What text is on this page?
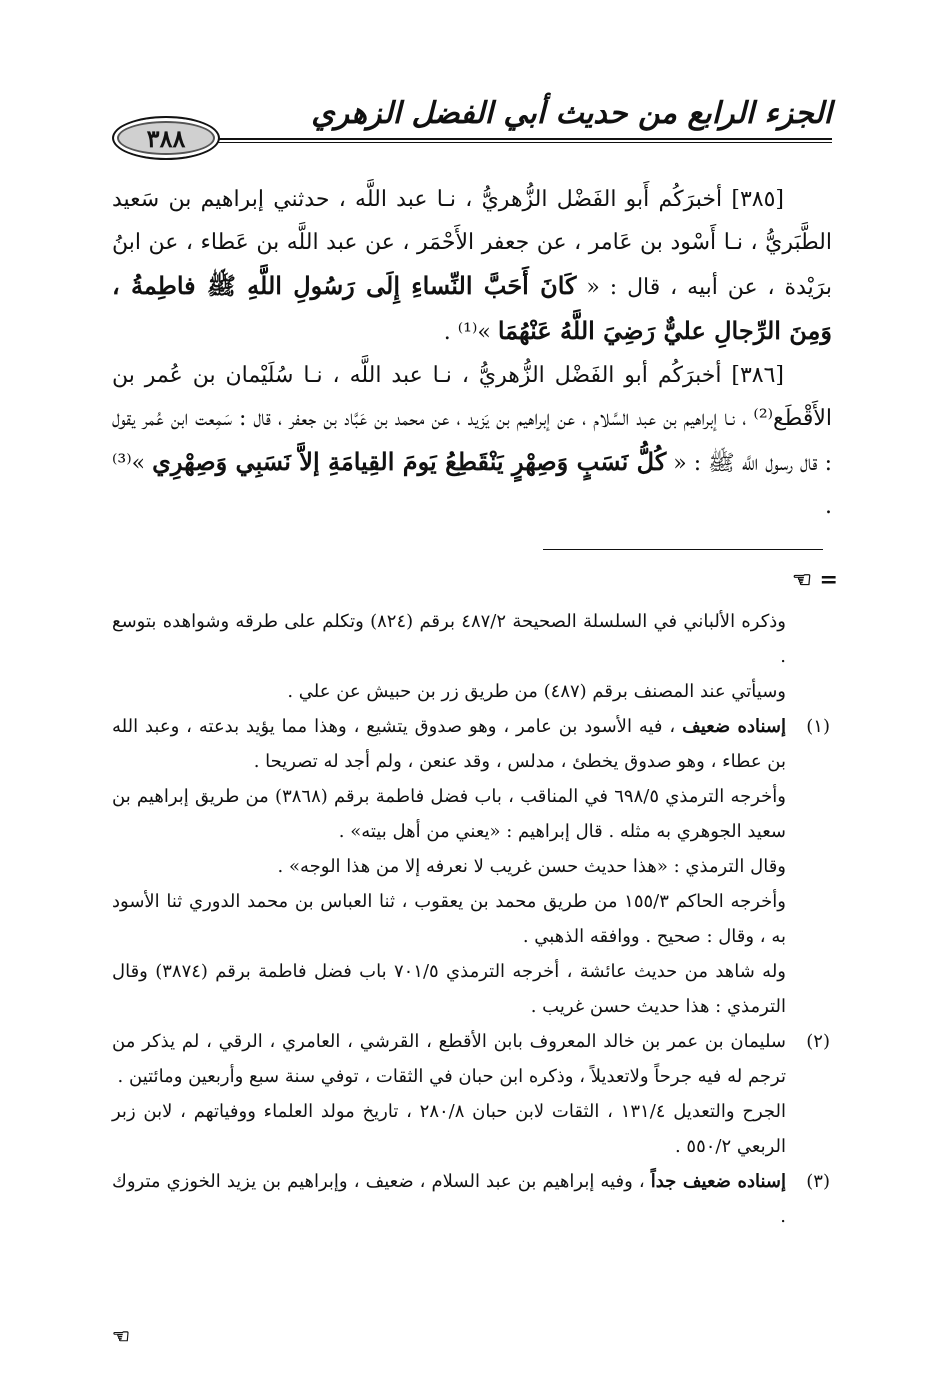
الجزء الرابع من حديث أبي الفضل الزهري
٣٨٨

[٣٨٥] أخبرَكُم أَبو الفَضْل الزُّهريُّ ، نـا عبد اللَّه ، حدثني إبراهيم بن سَعيد الطَّبَريُّ ، نـا أَسْود بن عَامر ، عن جعفر الأَحْمَر ، عن عبد اللَّه بن عَطاء ، عن ابنُ برَيْدة ، عن أبيه ، قال : « كَانَ أَحَبَّ النِّساءِ إِلَى رَسُولِ اللَّهِ ﷺ فاطِمةُ ، وَمِنَ الرِّجالِ عليٌّ رَضِيَ اللَّهُ عَنْهُمَا »⁽¹⁾ .

[٣٨٦] أخبرَكُم أبو الفَضْل الزُّهريُّ ، نـا عبد اللَّه ، نـا سُلَيْمان بن عُمر بن الأَقْطَع⁽²⁾ ، نـا إبراهيم بن عبد السَّلام ، عن إبراهيم بن يَزيد ، عن محمد بن عَبَّاد بن جعفر ، قال : سَمِعت ابن عُمر يقول : قال رسول اللَّه ﷺ : « كُلُّ نَسَبٍ وَصِهْرٍ يَنْقَطِعُ يَومَ القِيامَةِ إلاَّ نَسَبِي وَصِهْرِي »⁽³⁾ .

= ☜

وذكره الألباني في السلسلة الصحيحة ٤٨٧/٢ برقم (٨٢٤) وتكلم على طرقه وشواهده بتوسع .

وسيأتي عند المصنف برقم (٤٨٧) من طريق زر بن حبيش عن علي .

(١)

إسناده ضعيف ، فيه الأسود بن عامر ، وهو صدوق يتشيع ، وهذا مما يؤيد بدعته ، وعبد الله بن عطاء ، وهو صدوق يخطئ ، مدلس ، وقد عنعن ، ولم أجد له تصريحا .

وأخرجه الترمذي ٦٩٨/٥ في المناقب ، باب فضل فاطمة برقم (٣٨٦٨) من طريق إبراهيم بن سعيد الجوهري به مثله . قال إبراهيم : «يعني من أهل بيته» .

وقال الترمذي : «هذا حديث حسن غريب لا نعرفه إلا من هذا الوجه» .

وأخرجه الحاكم ١٥٥/٣ من طريق محمد بن يعقوب ، ثنا العباس بن محمد الدوري ثنا الأسود به ، وقال : صحيح . ووافقه الذهبي .

وله شاهد من حديث عائشة ، أخرجه الترمذي ٧٠١/٥ باب فضل فاطمة برقم (٣٨٧٤) وقال الترمذي : هذا حديث حسن غريب .

(٢)

سليمان بن عمر بن خالد المعروف بابن الأقطع ، القرشي ، العامري ، الرقي ، لم يذكر من ترجم له فيه جرحاً ولاتعديلاً ، وذكره ابن حبان في الثقات ، توفي سنة سبع وأربعين ومائتين .

الجرح والتعديل ١٣١/٤ ، الثقات لابن حبان ٢٨٠/٨ ، تاريخ مولد العلماء ووفياتهم ، لابن زبر الربعي ٥٥٠/٢ .

(٣)

إسناده ضعيف جداً ، وفيه إبراهيم بن عبد السلام ، ضعيف ، وإبراهيم بن يزيد الخوزي متروك .

☜
